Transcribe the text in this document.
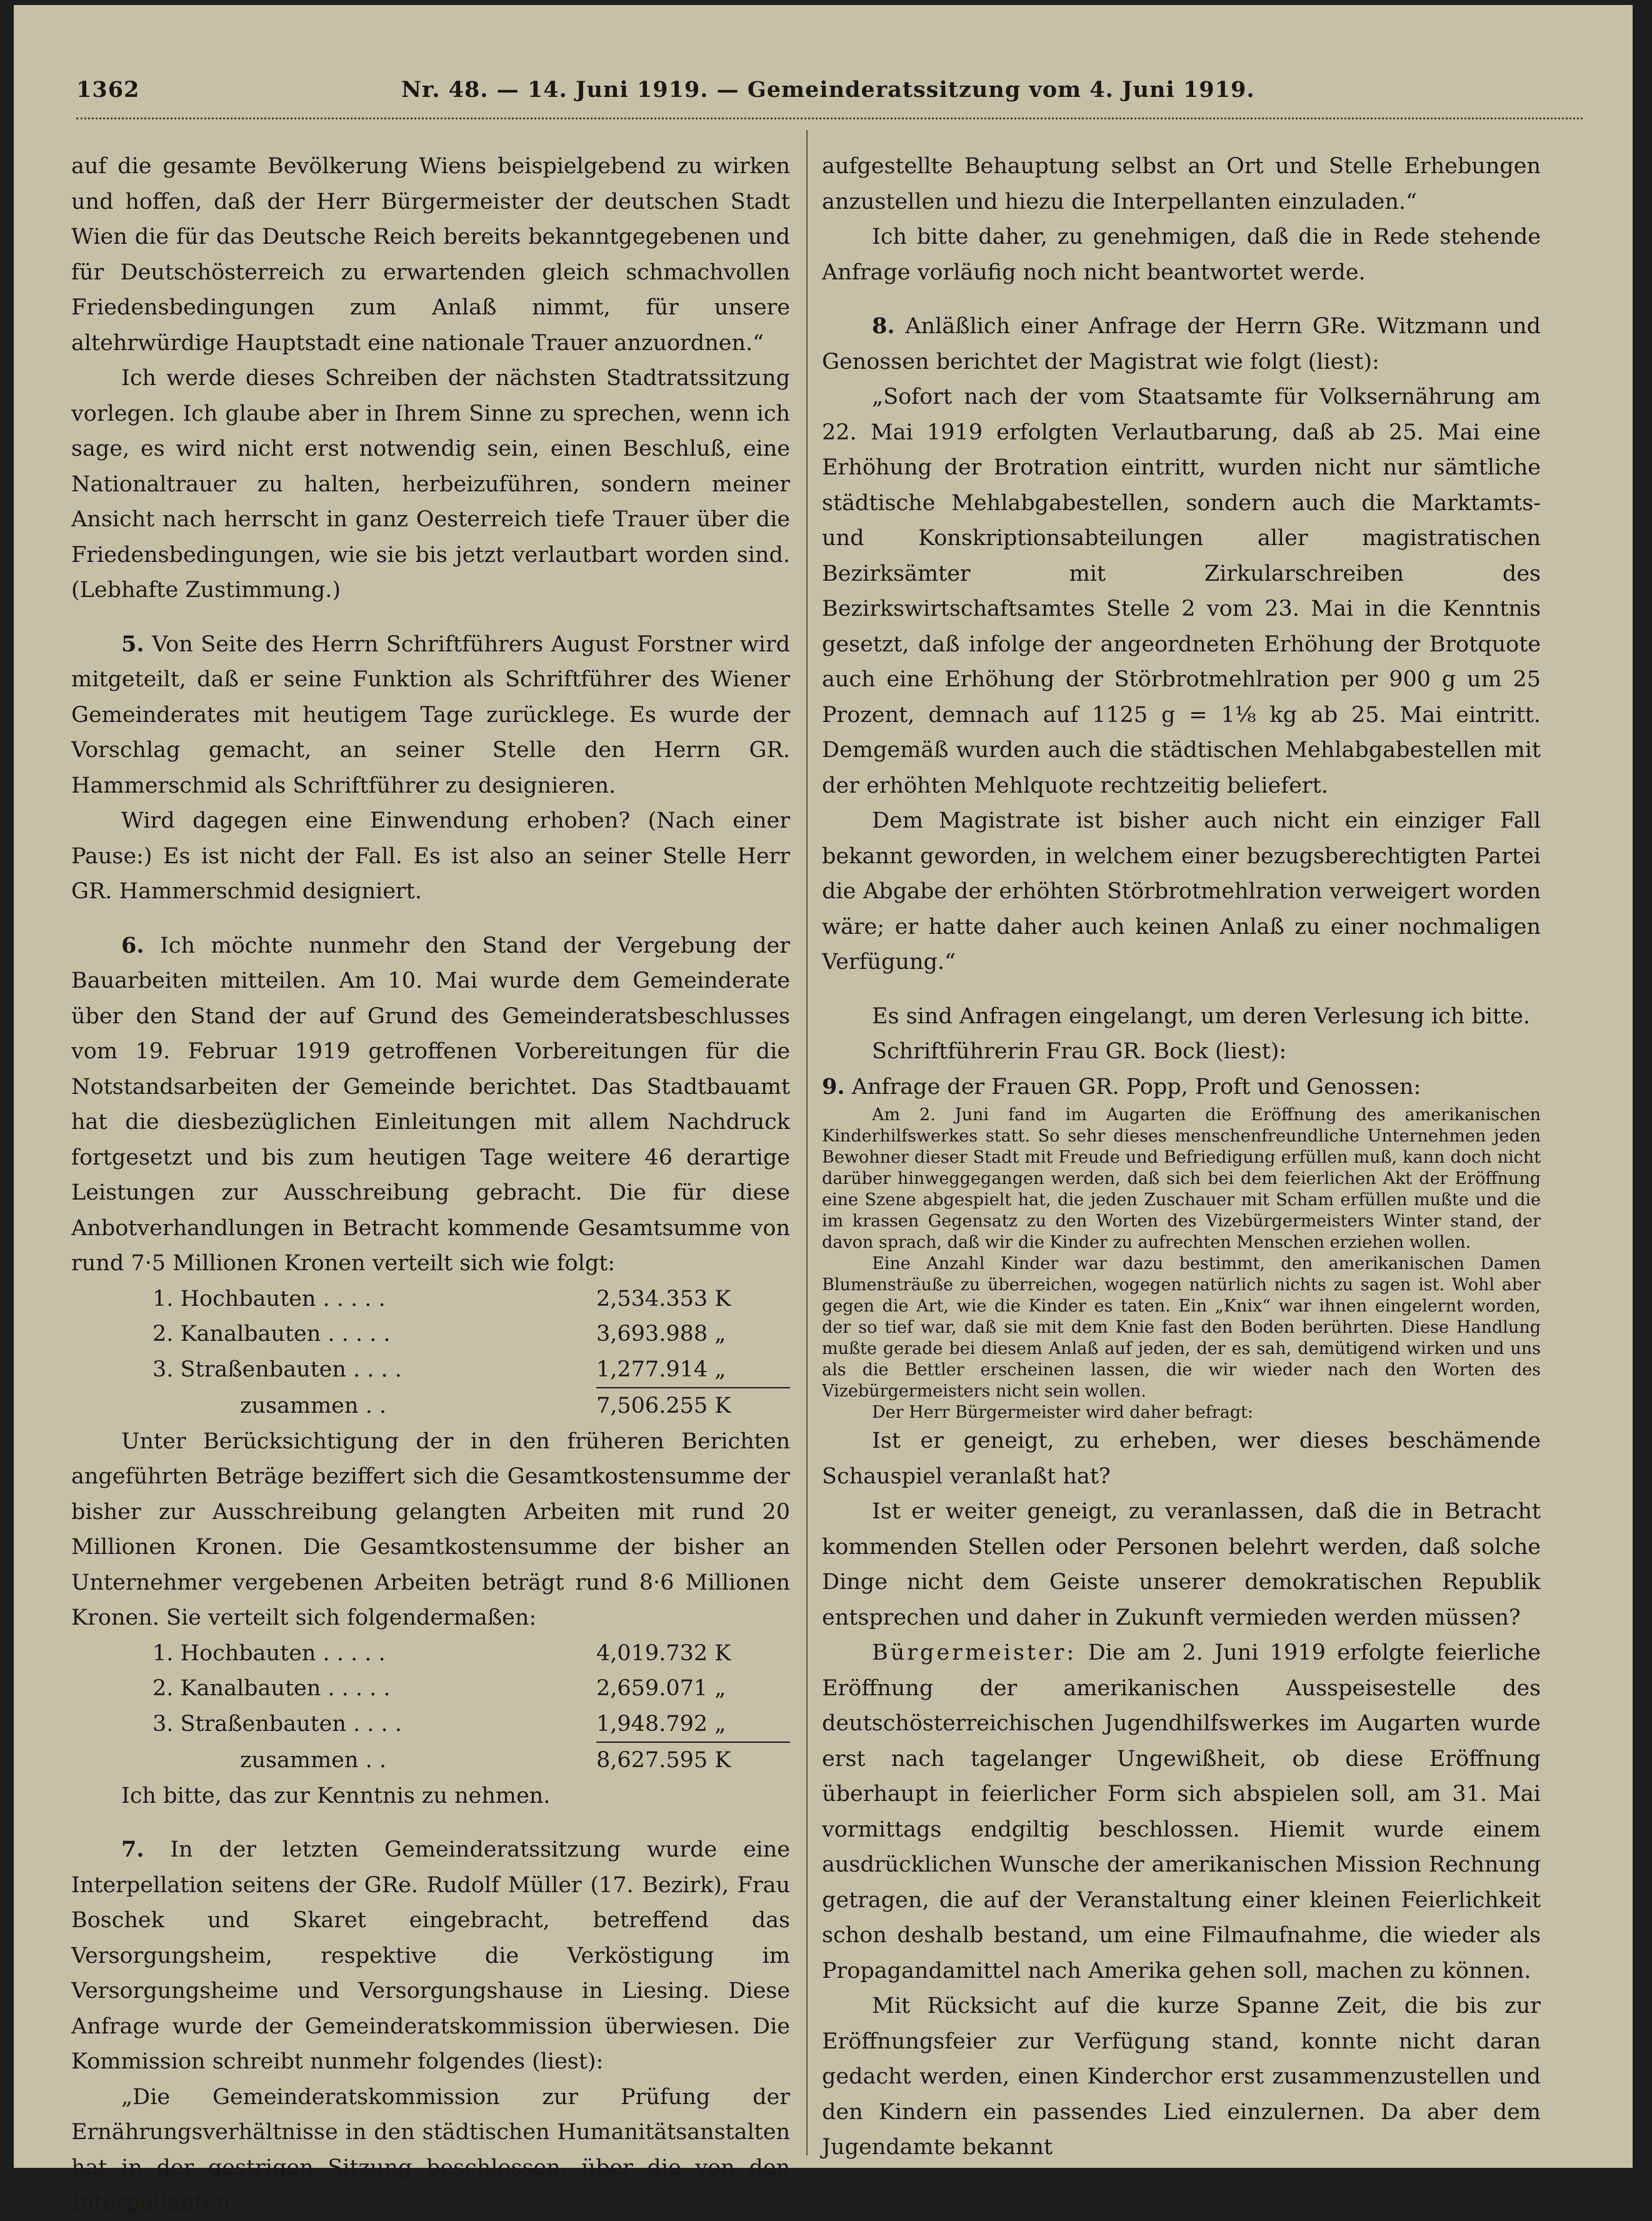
1362	Nr. 48. — 14. Juni 1919. — Gemeinderatssitzung vom 4. Juni 1919.

auf die gesamte Bevölkerung Wiens beispielgebend zu wirken und hoffen, daß der Herr Bürgermeister der deutschen Stadt Wien die für das Deutsche Reich bereits bekanntgegebenen und für Deutschösterreich zu erwartenden gleich schmachvollen Friedensbedingungen zum Anlaß nimmt, für unsere altehrwürdige Hauptstadt eine nationale Trauer anzuordnen.“

Ich werde dieses Schreiben der nächsten Stadtratssitzung vorlegen. Ich glaube aber in Ihrem Sinne zu sprechen, wenn ich sage, es wird nicht erst notwendig sein, einen Beschluß, eine Nationaltrauer zu halten, herbeizuführen, sondern meiner Ansicht nach herrscht in ganz Oesterreich tiefe Trauer über die Friedensbedingungen, wie sie bis jetzt verlautbart worden sind. (Lebhafte Zustimmung.)

5. Von Seite des Herrn Schriftführers August Forstner wird mitgeteilt, daß er seine Funktion als Schriftführer des Wiener Gemeinderates mit heutigem Tage zurücklege. Es wurde der Vorschlag gemacht, an seiner Stelle den Herrn GR. Hammerschmid als Schriftführer zu designieren.

Wird dagegen eine Einwendung erhoben? (Nach einer Pause:) Es ist nicht der Fall. Es ist also an seiner Stelle Herr GR. Hammerschmid designiert.

6. Ich möchte nunmehr den Stand der Vergebung der Bauarbeiten mitteilen. Am 10. Mai wurde dem Gemeinderate über den Stand der auf Grund des Gemeinderatsbeschlusses vom 19. Februar 1919 getroffenen Vorbereitungen für die Notstandsarbeiten der Gemeinde berichtet. Das Stadtbauamt hat die diesbezüglichen Einleitungen mit allem Nachdruck fortgesetzt und bis zum heutigen Tage weitere 46 derartige Leistungen zur Ausschreibung gebracht. Die für diese Anbotverhandlungen in Betracht kommende Gesamtsumme von rund 7·5 Millionen Kronen verteilt sich wie folgt:

1. Hochbauten . . . . .	2,534.353 K
2. Kanalbauten . . . . .	3,693.988 „
3. Straßenbauten . . . .	1,277.914 „
zusammen . .	7,506.255 K

Unter Berücksichtigung der in den früheren Berichten angeführten Beträge beziffert sich die Gesamtkostensumme der bisher zur Ausschreibung gelangten Arbeiten mit rund 20 Millionen Kronen. Die Gesamtkostensumme der bisher an Unternehmer vergebenen Arbeiten beträgt rund 8·6 Millionen Kronen. Sie verteilt sich folgendermaßen:

1. Hochbauten . . . . .	4,019.732 K
2. Kanalbauten . . . . .	2,659.071 „
3. Straßenbauten . . . .	1,948.792 „
zusammen . .	8,627.595 K

Ich bitte, das zur Kenntnis zu nehmen.

7. In der letzten Gemeinderatssitzung wurde eine Interpellation seitens der GRe. Rudolf Müller (17. Bezirk), Frau Boschek und Skaret eingebracht, betreffend das Versorgungsheim, respektive die Verköstigung im Versorgungsheime und Versorgungshause in Liesing. Diese Anfrage wurde der Gemeinderatskommission überwiesen. Die Kommission schreibt nunmehr folgendes (liest):

„Die Gemeinderatskommission zur Prüfung der Ernährungsverhältnisse in den städtischen Humanitätsanstalten hat in der gestrigen Sitzung beschlossen, über die von den Interpellanten

aufgestellte Behauptung selbst an Ort und Stelle Erhebungen anzustellen und hiezu die Interpellanten einzuladen.“

Ich bitte daher, zu genehmigen, daß die in Rede stehende Anfrage vorläufig noch nicht beantwortet werde.

8. Anläßlich einer Anfrage der Herrn GRe. Witzmann und Genossen berichtet der Magistrat wie folgt (liest):

„Sofort nach der vom Staatsamte für Volksernährung am 22. Mai 1919 erfolgten Verlautbarung, daß ab 25. Mai eine Erhöhung der Brotration eintritt, wurden nicht nur sämtliche städtische Mehlabgabestellen, sondern auch die Marktamts- und Konskriptionsabteilungen aller magistratischen Bezirksämter mit Zirkularschreiben des Bezirkswirtschaftsamtes Stelle 2 vom 23. Mai in die Kenntnis gesetzt, daß infolge der angeordneten Erhöhung der Brotquote auch eine Erhöhung der Störbrotmehlration per 900 g um 25 Prozent, demnach auf 1125 g = 1⅛ kg ab 25. Mai eintritt. Demgemäß wurden auch die städtischen Mehlabgabestellen mit der erhöhten Mehlquote rechtzeitig beliefert.

Dem Magistrate ist bisher auch nicht ein einziger Fall bekannt geworden, in welchem einer bezugsberechtigten Partei die Abgabe der erhöhten Störbrotmehlration verweigert worden wäre; er hatte daher auch keinen Anlaß zu einer nochmaligen Verfügung.“

Es sind Anfragen eingelangt, um deren Verlesung ich bitte.

Schriftführerin Frau GR. Bock (liest):

9. Anfrage der Frauen GR. Popp, Proft und Genossen:

Am 2. Juni fand im Augarten die Eröffnung des amerikanischen Kinderhilfswerkes statt. So sehr dieses menschenfreundliche Unternehmen jeden Bewohner dieser Stadt mit Freude und Befriedigung erfüllen muß, kann doch nicht darüber hinweggegangen werden, daß sich bei dem feierlichen Akt der Eröffnung eine Szene abgespielt hat, die jeden Zuschauer mit Scham erfüllen mußte und die im krassen Gegensatz zu den Worten des Vizebürgermeisters Winter stand, der davon sprach, daß wir die Kinder zu aufrechten Menschen erziehen wollen.

Eine Anzahl Kinder war dazu bestimmt, den amerikanischen Damen Blumensträuße zu überreichen, wogegen natürlich nichts zu sagen ist. Wohl aber gegen die Art, wie die Kinder es taten. Ein „Knix“ war ihnen eingelernt worden, der so tief war, daß sie mit dem Knie fast den Boden berührten. Diese Handlung mußte gerade bei diesem Anlaß auf jeden, der es sah, demütigend wirken und uns als die Bettler erscheinen lassen, die wir wieder nach den Worten des Vizebürgermeisters nicht sein wollen.

Der Herr Bürgermeister wird daher befragt:

Ist er geneigt, zu erheben, wer dieses beschämende Schauspiel veranlaßt hat?

Ist er weiter geneigt, zu veranlassen, daß die in Betracht kommenden Stellen oder Personen belehrt werden, daß solche Dinge nicht dem Geiste unserer demokratischen Republik entsprechen und daher in Zukunft vermieden werden müssen?

Bürgermeister: Die am 2. Juni 1919 erfolgte feierliche Eröffnung der amerikanischen Ausspeisestelle des deutschösterreichischen Jugendhilfswerkes im Augarten wurde erst nach tagelanger Ungewißheit, ob diese Eröffnung überhaupt in feierlicher Form sich abspielen soll, am 31. Mai vormittags endgiltig beschlossen. Hiemit wurde einem ausdrücklichen Wunsche der amerikanischen Mission Rechnung getragen, die auf der Veranstaltung einer kleinen Feierlichkeit schon deshalb bestand, um eine Filmaufnahme, die wieder als Propagandamittel nach Amerika gehen soll, machen zu können.

Mit Rücksicht auf die kurze Spanne Zeit, die bis zur Eröffnungsfeier zur Verfügung stand, konnte nicht daran gedacht werden, einen Kinderchor erst zusammenzustellen und den Kindern ein passendes Lied einzulernen. Da aber dem Jugendamte bekannt
